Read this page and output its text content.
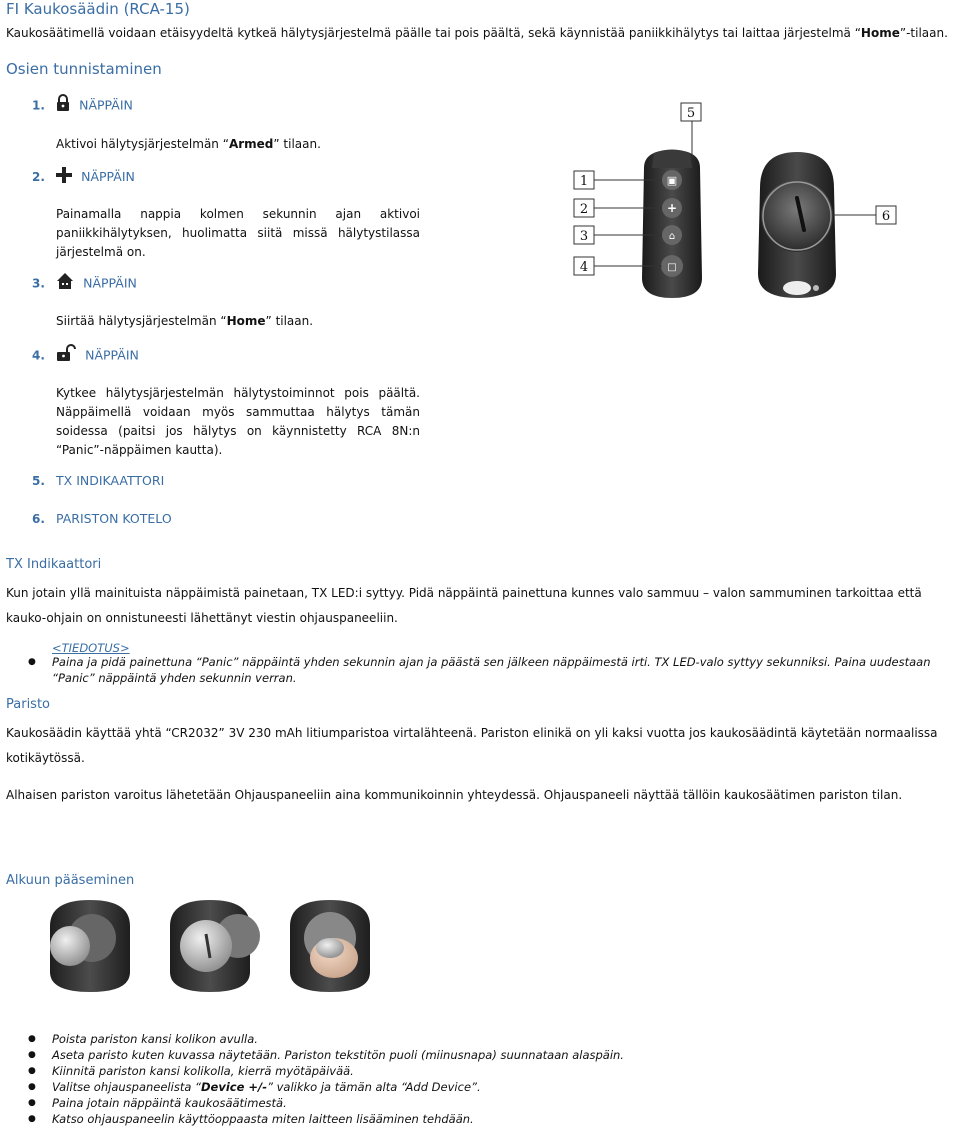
FI Kaukosäädin (RCA-15)
Kaukosäätimellä voidaan etäisyydeltä kytkeä hälytysjärjestelmä päälle tai pois päältä, sekä käynnistää paniikkihälytys tai laittaa järjestelmä “Home”-tilaan.
Osien tunnistaminen
1.	NÄPPÄIN
Aktivoi hälytysjärjestelmän “Armed” tilaan.
2.	NÄPPÄIN
Painamalla nappia kolmen sekunnin ajan aktivoi paniikkihälytyksen, huolimatta siitä missä hälytystilassa järjestelmä on.
3.	NÄPPÄIN
Siirtää hälytysjärjestelmän “Home” tilaan.
4.	NÄPPÄIN
Kytkee hälytysjärjestelmän hälytystoiminnot pois päältä. Näppäimellä voidaan myös sammuttaa hälytys tämän soidessa (paitsi jos hälytys on käynnistetty RCA 8N:n “Panic”-näppäimen kautta).
5. TX INDIKAATTORI
6. PARISTON KOTELO
▣
+
⌂
□
1
2
3
4
5
6
TX Indikaattori
Kun jotain yllä mainituista näppäimistä painetaan, TX LED:i syttyy. Pidä näppäintä painettuna kunnes valo sammuu – valon sammuminen tarkoittaa että kauko-ohjain on onnistuneesti lähettänyt viestin ohjauspaneeliin.
<TIEDOTUS>
● Paina ja pidä painettuna “Panic” näppäintä yhden sekunnin ajan ja päästä sen jälkeen näppäimestä irti. TX LED-valo syttyy sekunniksi. Paina uudestaan “Panic” näppäintä yhden sekunnin verran.
Paristo
Kaukosäädin käyttää yhtä “CR2032” 3V 230 mAh litiumparistoa virtalähteenä. Pariston elinikä on yli kaksi vuotta jos kaukosäädintä käytetään normaalissa kotikäytössä.
Alhaisen pariston varoitus lähetetään Ohjauspaneeliin aina kommunikoinnin yhteydessä. Ohjauspaneeli näyttää tällöin kaukosäätimen pariston tilan.
Alkuun pääseminen
● Poista pariston kansi kolikon avulla.
● Aseta paristo kuten kuvassa näytetään. Pariston tekstitön puoli (miinusnapa) suunnataan alaspäin.
● Kiinnitä pariston kansi kolikolla, kierrä myötäpäivää.
● Valitse ohjauspaneelista “Device +/-” valikko ja tämän alta “Add Device”.
● Paina jotain näppäintä kaukosäätimestä.
● Katso ohjauspaneelin käyttöoppaasta miten laitteen lisääminen tehdään.
